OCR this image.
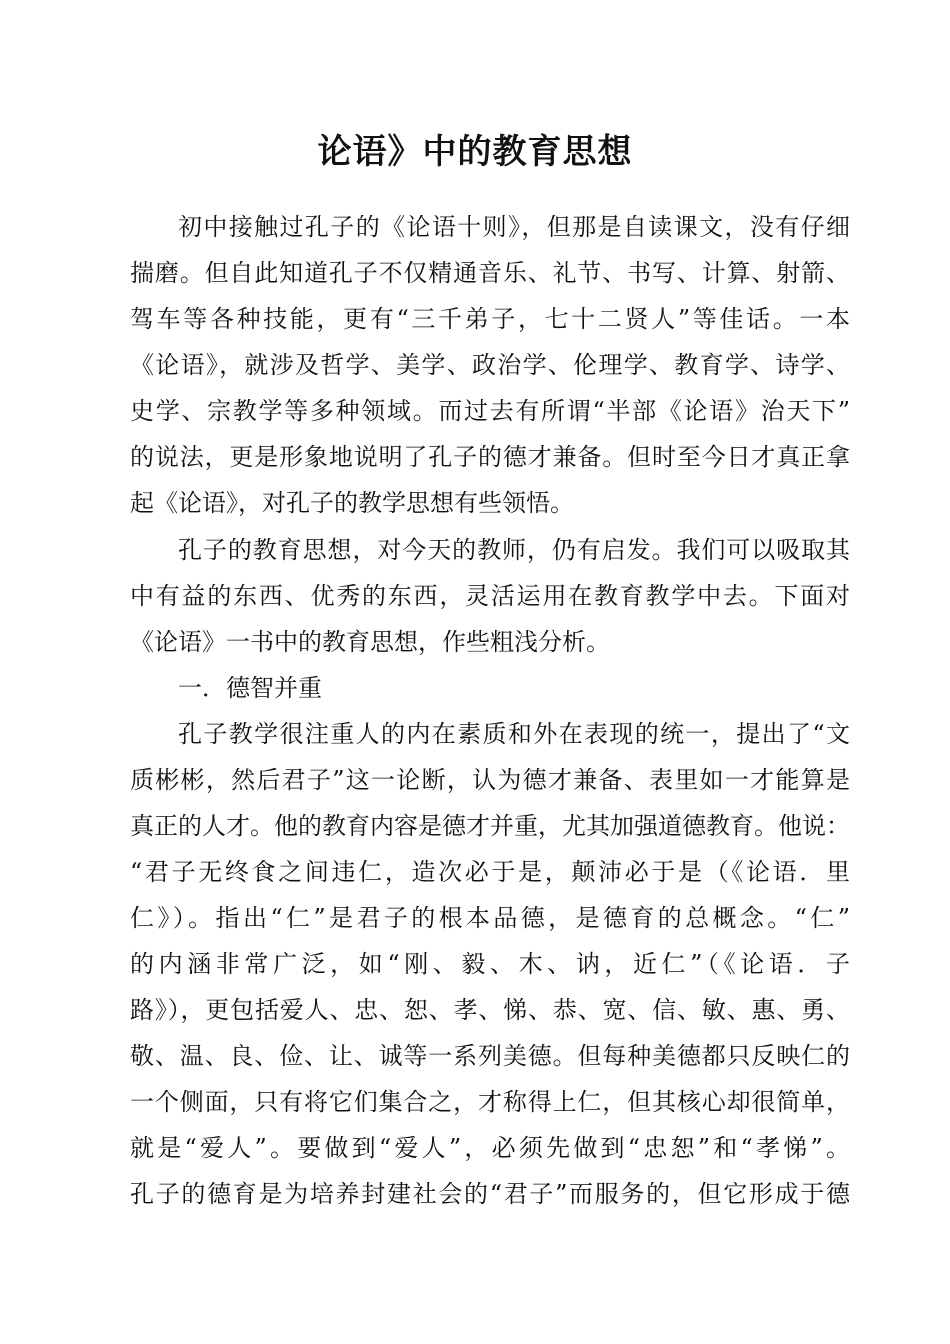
论语》中的教育思想

初中接触过孔子的《论语十则》，但那是自读课文，没有仔细

揣磨。但自此知道孔子不仅精通音乐、礼节、书写、计算、射箭、

驾车等各种技能，更有“三千弟子，七十二贤人”等佳话。一本

《论语》，就涉及哲学、美学、政治学、伦理学、教育学、诗学、

史学、宗教学等多种领域。而过去有所谓“半部《论语》治天下”

的说法，更是形象地说明了孔子的德才兼备。但时至今日才真正拿

起《论语》，对孔子的教学思想有些领悟。

孔子的教育思想，对今天的教师，仍有启发。我们可以吸取其

中有益的东西、优秀的东西，灵活运用在教育教学中去。下面对

《论语》一书中的教育思想，作些粗浅分析。

一．德智并重

孔子教学很注重人的内在素质和外在表现的统一，提出了“文

质彬彬，然后君子”这一论断，认为德才兼备、表里如一才能算是

真正的人才。他的教育内容是德才并重，尤其加强道德教育。他说：

“君子无终食之间违仁，造次必于是，颠沛必于是（《论语．里

仁》）。指出“仁”是君子的根本品德，是德育的总概念。“仁”

的内涵非常广泛，如“刚、毅、木、讷，近仁”（《论语．子

路》），更包括爱人、忠、恕、孝、悌、恭、宽、信、敏、惠、勇、

敬、温、良、俭、让、诚等一系列美德。但每种美德都只反映仁的

一个侧面，只有将它们集合之，才称得上仁，但其核心却很简单，

就是“爱人”。要做到“爱人”，必须先做到“忠恕”和“孝悌”。

孔子的德育是为培养封建社会的“君子”而服务的，但它形成于德
